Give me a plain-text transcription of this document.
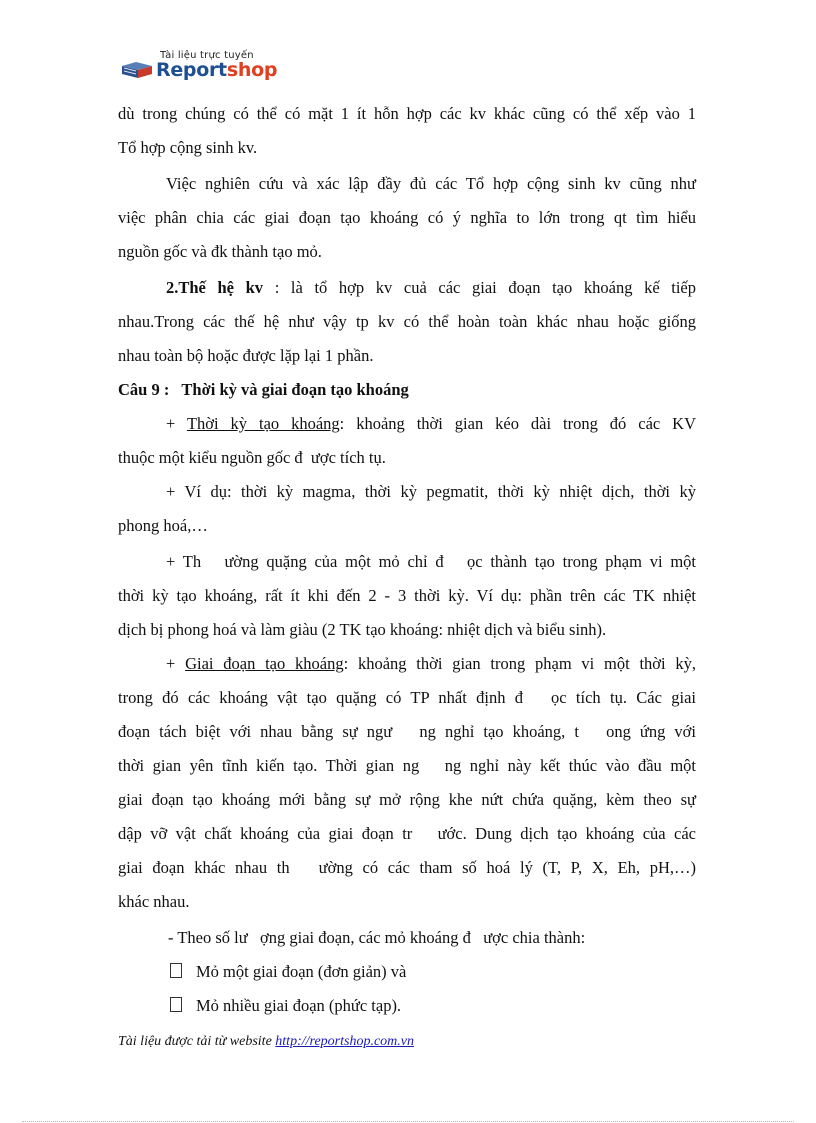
Tài liệu trực tuyến
Reportshop
dù trong chúng có thể có mặt 1 ít hỗn hợp các kv khác cũng có thể xếp vào 1
Tổ hợp cộng sinh kv.
Việc nghiên cứu và xác lập đầy đủ các Tổ hợp cộng sinh kv cũng như
việc phân chia các giai đoạn tạo khoáng có ý nghĩa to lớn trong qt tìm hiểu
nguồn gốc và đk thành tạo mỏ.
2.Thế hệ kv : là tổ hợp kv cuả các giai đoạn tạo khoáng kế tiếp
nhau.Trong các thế hệ như vậy tp kv có thể hoàn toàn khác nhau hoặc giống
nhau toàn bộ hoặc được lặp lại 1 phần.
Câu 9 :   Thời kỳ và giai đoạn tạo khoáng
+ Thời kỳ tạo khoáng: khoảng thời gian kéo dài trong đó các KV
thuộc một kiểu nguồn gốc đ  ược tích tụ.
+ Ví dụ: thời kỳ magma, thời kỳ pegmatit, thời kỳ nhiệt dịch, thời kỳ
phong hoá,…
+ Th   ường quặng của một mỏ chỉ đ   ọc thành tạo trong phạm vi một
thời kỳ tạo khoáng, rất ít khi đến 2 - 3 thời kỳ. Ví dụ: phần trên các TK nhiệt
dịch bị phong hoá và làm giàu (2 TK tạo khoáng: nhiệt dịch và biểu sinh).
+ Giai đoạn tạo khoáng: khoảng thời gian trong phạm vi một thời kỳ,
trong đó các khoáng vật tạo quặng có TP nhất định đ   ọc tích tụ. Các giai
đoạn tách biệt với nhau bằng sự ngư   ng nghỉ tạo khoáng, t   ong ứng với
thời gian yên tĩnh kiến tạo. Thời gian ng   ng nghỉ này kết thúc vào đầu một
giai đoạn tạo khoáng mới bằng sự mở rộng khe nứt chứa quặng, kèm theo sự
dập vỡ vật chất khoáng của giai đoạn tr   ước. Dung dịch tạo khoáng của các
giai đoạn khác nhau th   ường có các tham số hoá lý (T, P, X, Eh, pH,…)
khác nhau.
- Theo số lư   ợng giai đoạn, các mỏ khoáng đ   ược chia thành:
Mỏ một giai đoạn (đơn giản) và
Mỏ nhiều giai đoạn (phức tạp).
Tài liệu được tải từ website http://reportshop.com.vn
